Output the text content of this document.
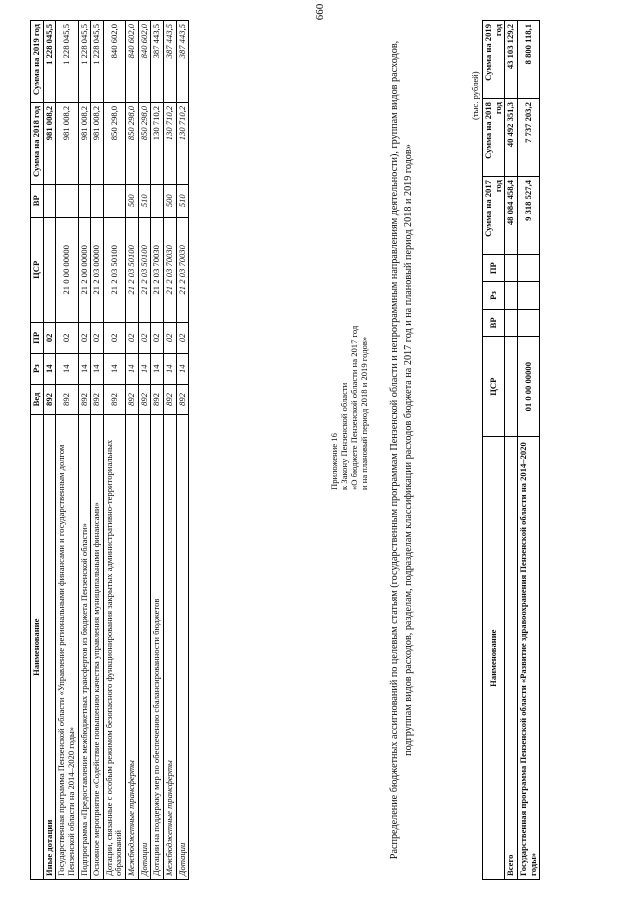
660
Наименование	Вед	Рз	ПР	ЦСР	ВР	Сумма на 2018 год	Сумма на 2019 год
Иные дотации	892	14	02			981 008,2	1 228 045,5
Государственная программа Пензенской области «Управление региональными финансами и государственным долгом Пензенской области на 2014–2020 годы»	892	14	02	21 0 00 00000		981 008,2	1 228 045,5
Подпрограмма «Предоставление межбюджетных трансфертов из бюджета Пензенской области»	892	14	02	21 2 00 00000		981 008,2	1 228 045,5
Основное мероприятие «Содействие повышению качества управления муниципальными финансами»	892	14	02	21 2 03 00000		981 008,2	1 228 045,5
Дотации, связанные с особым режимом безопасного функционирования закрытых административно-территориальных образований	892	14	02	21 2 03 50100		850 298,0	840 602,0
Межбюджетные трансферты	892	14	02	21 2 03 50100	500	850 298,0	840 602,0
Дотации	892	14	02	21 2 03 50100	510	850 298,0	840 602,0
Дотации на поддержку мер по обеспечению сбалансированности бюджетов	892	14	02	21 2 03 70030		130 710,2	387 443,5
Межбюджетные трансферты	892	14	02	21 2 03 70030	500	130 710,2	387 443,5
Дотации	892	14	02	21 2 03 70030	510	130 710,2	387 443,5
Приложение 16 к Закону Пензенской области «О бюджете Пензенской области на 2017 год и на плановый период 2018 и 2019 годов» Распределение бюджетных ассигнований по целевым статьям (государственным программам Пензенской области и непрограммным направлениям деятельности), группам видов расходов, подгруппам видов расходов, разделам, подразделам классификации расходов бюджета на 2017 год и на плановый период 2018 и 2019 годов»
(тыс. рублей)
Наименование	ЦСР	ВР	Рз	ПР	Сумма на 2017 год	Сумма на 2018 год	Сумма на 2019 год
Всего					48 084 458,4	40 492 351,3	43 103 129,2
Государственная программа Пензенской области «Развитие здравоохранения Пензенской области на 2014–2020 годы»	01 0 00 00000				9 318 527,4	7 737 203,2	8 800 118,1
